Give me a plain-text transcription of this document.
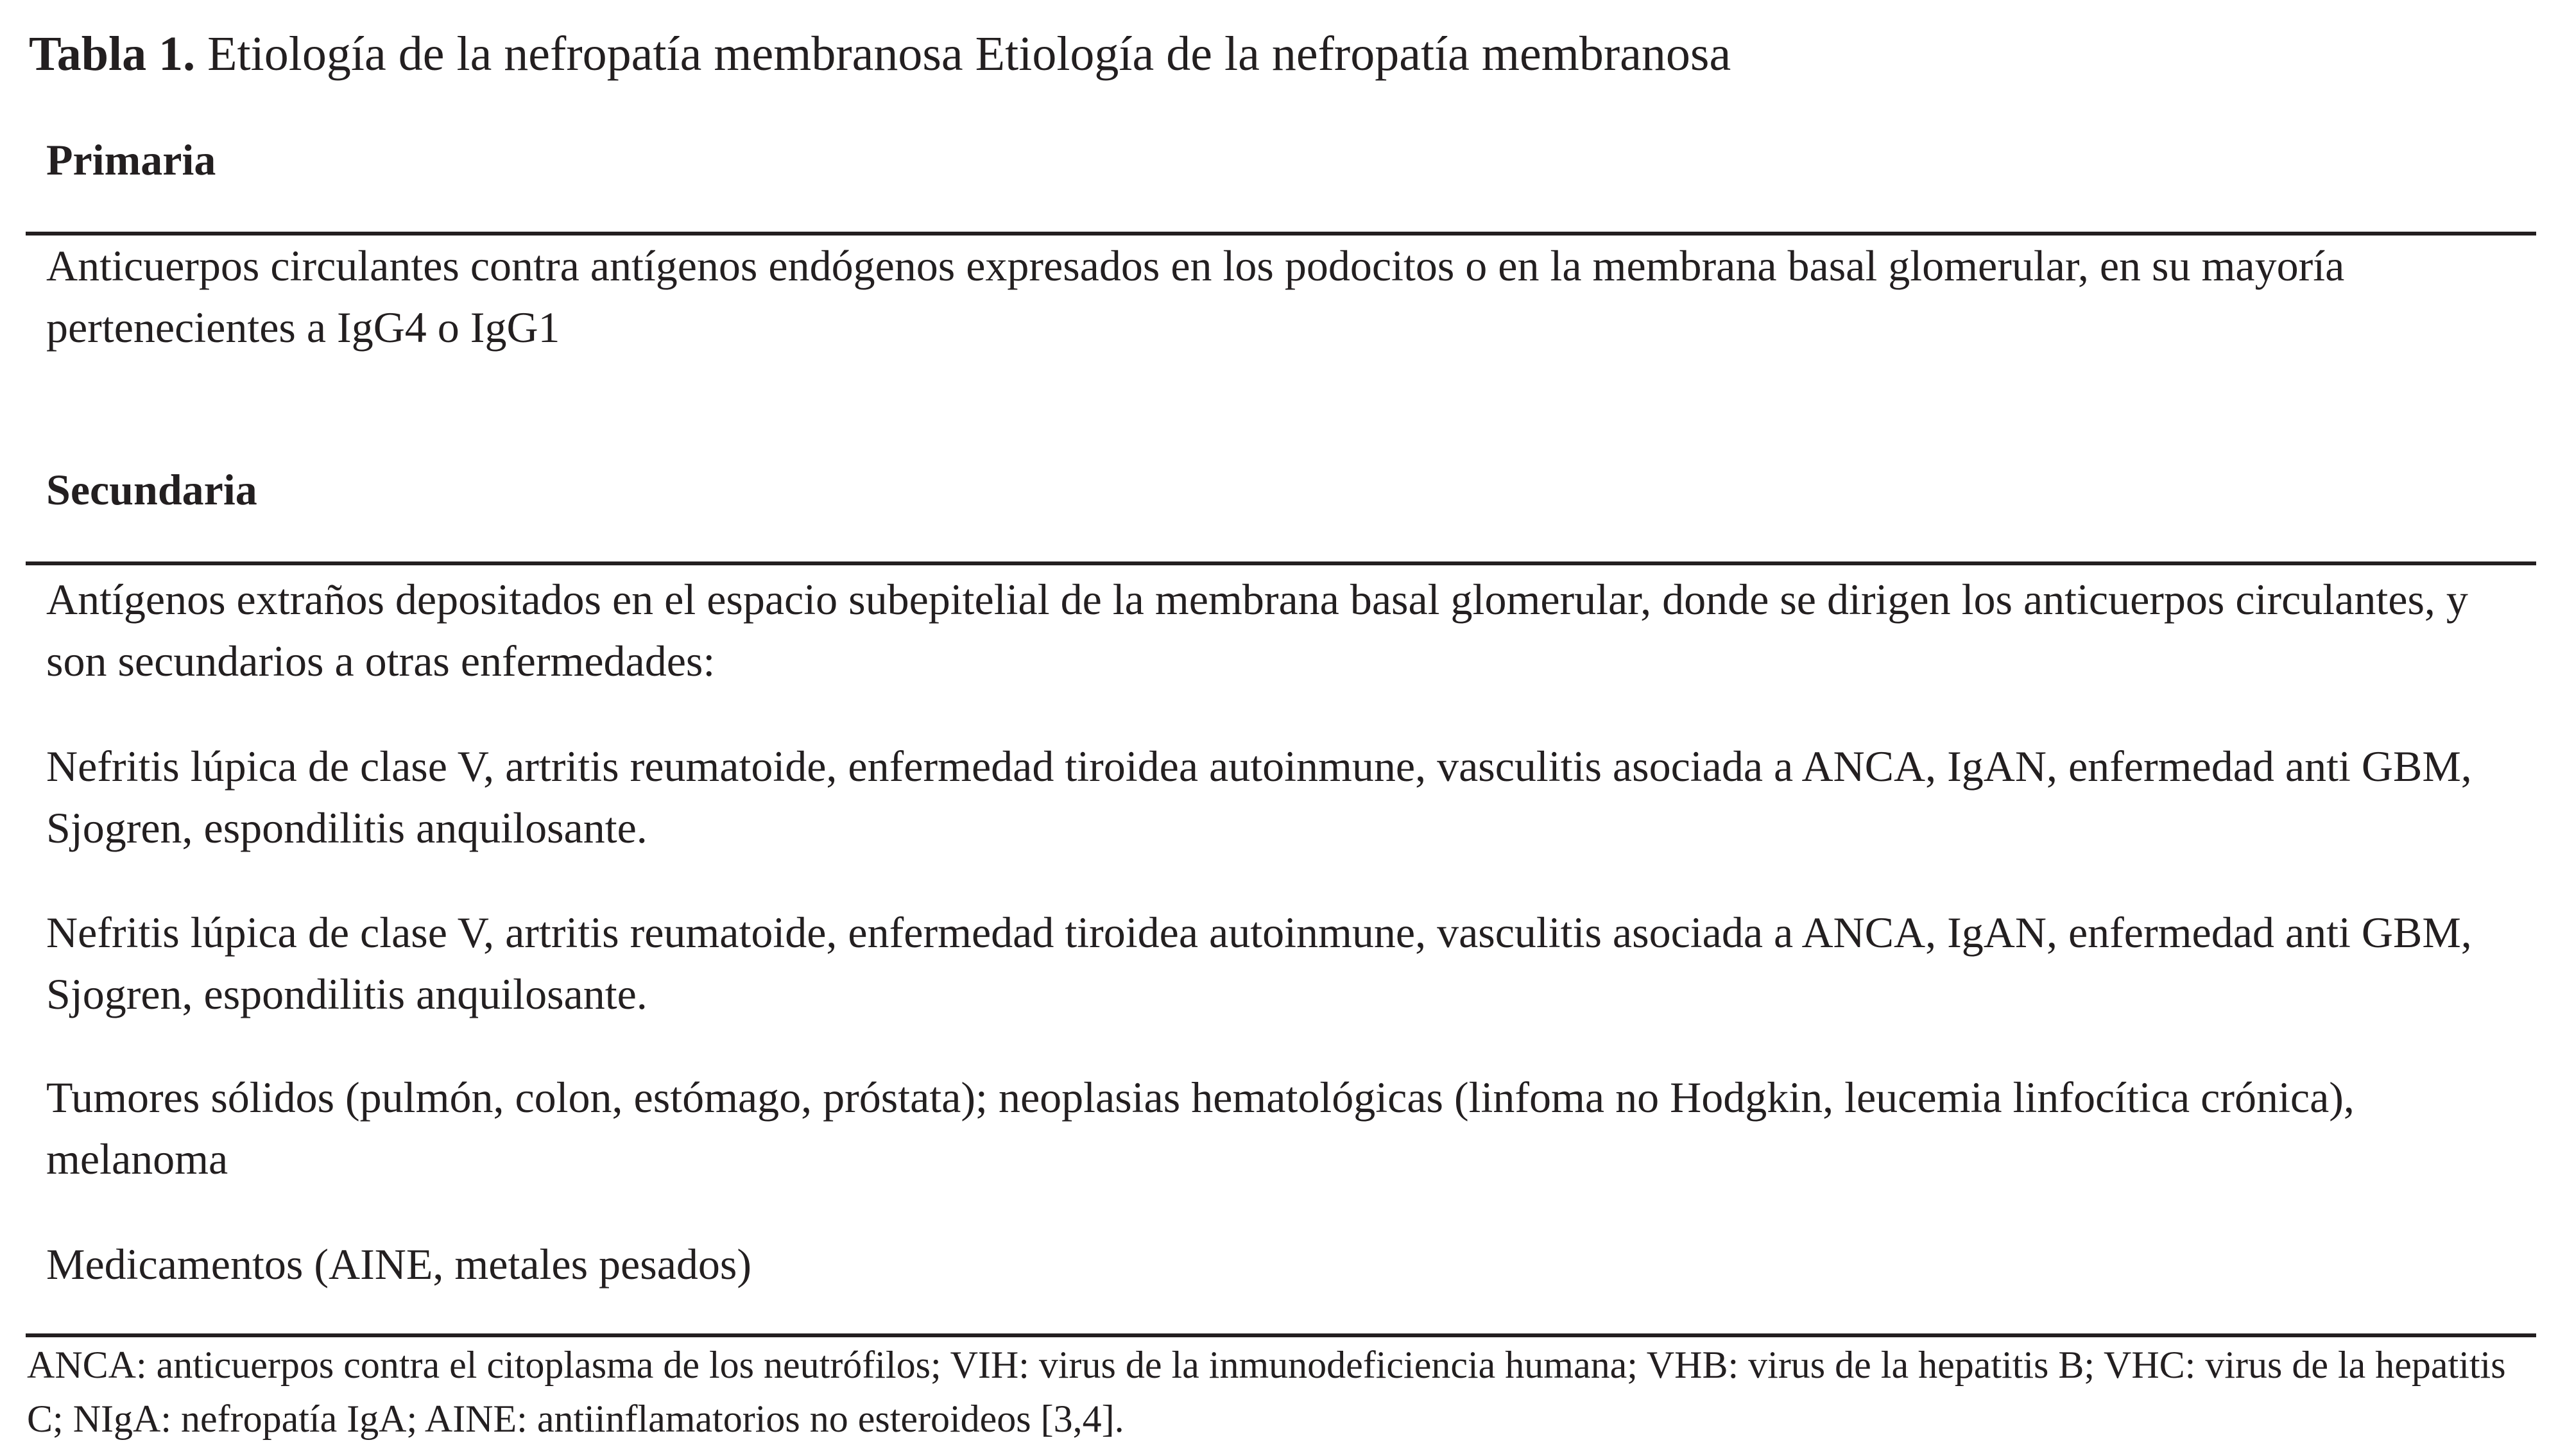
Tabla 1. Etiología de la nefropatía membranosa Etiología de la nefropatía membranosa
Primaria
Anticuerpos circulantes contra antígenos endógenos expresados en los podocitos o en la membrana basal glomerular, en su mayoría pertenecientes a IgG4 o IgG1
Secundaria
Antígenos extraños depositados en el espacio subepitelial de la membrana basal glomerular, donde se dirigen los anticuerpos circulantes, y son secundarios a otras enfermedades:
Nefritis lúpica de clase V, artritis reumatoide, enfermedad tiroidea autoinmune, vasculitis asociada a ANCA, IgAN, enfermedad anti GBM, Sjogren, espondilitis anquilosante.
Nefritis lúpica de clase V, artritis reumatoide, enfermedad tiroidea autoinmune, vasculitis asociada a ANCA, IgAN, enfermedad anti GBM, Sjogren, espondilitis anquilosante.
Tumores sólidos (pulmón, colon, estómago, próstata); neoplasias hematológicas (linfoma no Hodgkin, leucemia linfocítica crónica), melanoma
Medicamentos (AINE, metales pesados)
ANCA: anticuerpos contra el citoplasma de los neutrófilos; VIH: virus de la inmunodeficiencia humana; VHB: virus de la hepatitis B; VHC: virus de la hepatitis C; NIgA: nefropatía IgA; AINE: antiinflamatorios no esteroideos [3,4].
